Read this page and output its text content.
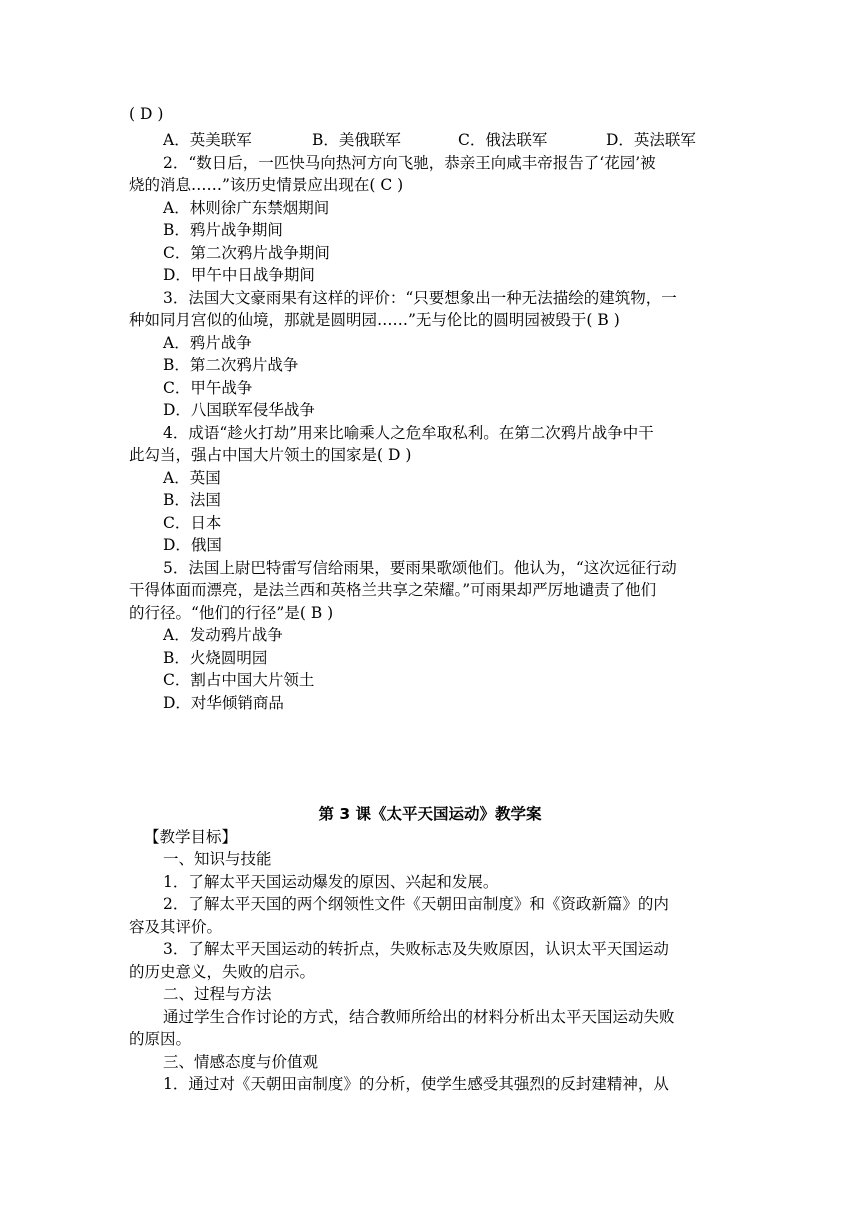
( D )
A．英美联军	B．美俄联军	C．俄法联军	D．英法联军
2．“数日后，一匹快马向热河方向飞驰，恭亲王向咸丰帝报告了‘花园’被
烧的消息……”该历史情景应出现在( C )
A．林则徐广东禁烟期间
B．鸦片战争期间
C．第二次鸦片战争期间
D．甲午中日战争期间
3．法国大文豪雨果有这样的评价：“只要想象出一种无法描绘的建筑物，一
种如同月宫似的仙境，那就是圆明园……”无与伦比的圆明园被毁于( B )
A．鸦片战争
B．第二次鸦片战争
C．甲午战争
D．八国联军侵华战争
4．成语“趁火打劫”用来比喻乘人之危牟取私利。在第二次鸦片战争中干
此勾当，强占中国大片领土的国家是( D )
A．英国
B．法国
C．日本
D．俄国
5．法国上尉巴特雷写信给雨果，要雨果歌颂他们。他认为，“这次远征行动
干得体面而漂亮，是法兰西和英格兰共享之荣耀。”可雨果却严厉地谴责了他们
的行径。“他们的行径”是( B )
A．发动鸦片战争
B．火烧圆明园
C．割占中国大片领土
D．对华倾销商品
第 3 课《太平天国运动》教学案
【教学目标】
一、知识与技能
1．了解太平天国运动爆发的原因、兴起和发展。
2．了解太平天国的两个纲领性文件《天朝田亩制度》和《资政新篇》的内
容及其评价。
3．了解太平天国运动的转折点，失败标志及失败原因，认识太平天国运动
的历史意义，失败的启示。
二、过程与方法
通过学生合作讨论的方式，结合教师所给出的材料分析出太平天国运动失败
的原因。
三、情感态度与价值观
1．通过对《天朝田亩制度》的分析，使学生感受其强烈的反封建精神，从
